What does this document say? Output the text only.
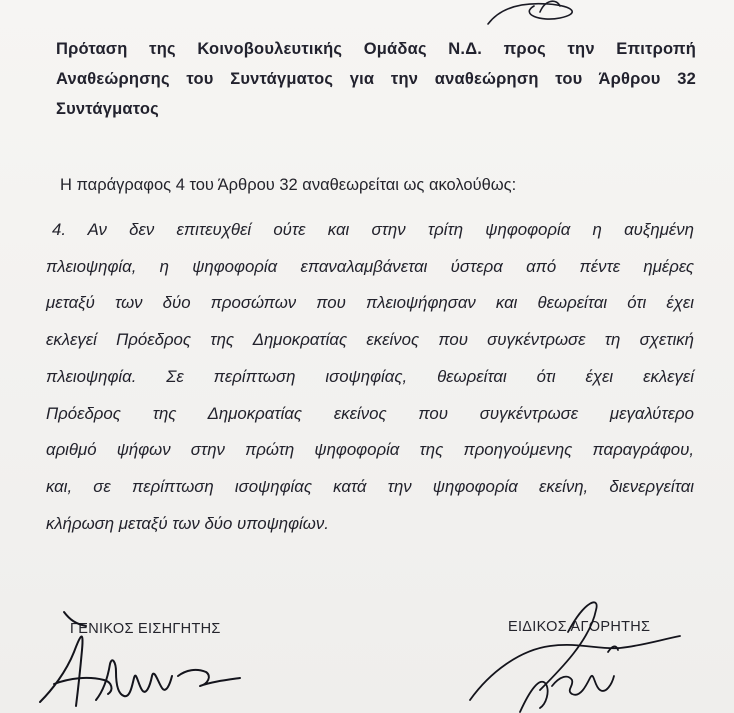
Πρόταση της Κοινοβουλευτικής Ομάδας Ν.Δ. προς την Επιτροπή
Αναθεώρησης του Συντάγματος για την αναθεώρηση του Άρθρου 32
Συντάγματος
Η παράγραφος 4 του Άρθρου 32 αναθεωρείται ως ακολούθως:
4. Αν δεν επιτευχθεί ούτε και στην τρίτη ψηφοφορία η αυξημένη
πλειοψηφία, η ψηφοφορία επαναλαμβάνεται ύστερα από πέντε ημέρες
μεταξύ των δύο προσώπων που πλειοψήφησαν και θεωρείται ότι έχει
εκλεγεί Πρόεδρος της Δημοκρατίας εκείνος που συγκέντρωσε τη σχετική
πλειοψηφία. Σε περίπτωση ισοψηφίας, θεωρείται ότι έχει εκλεγεί
Πρόεδρος της Δημοκρατίας εκείνος που συγκέντρωσε μεγαλύτερο
αριθμό ψήφων στην πρώτη ψηφοφορία της προηγούμενης παραγράφου,
και, σε περίπτωση ισοψηφίας κατά την ψηφοφορία εκείνη, διενεργείται
κλήρωση μεταξύ των δύο υποψηφίων.
ΓΕΝΙΚΟΣ ΕΙΣΗΓΗΤΗΣ	ΕΙΔΙΚΟΣ ΑΓΟΡΗΤΗΣ
